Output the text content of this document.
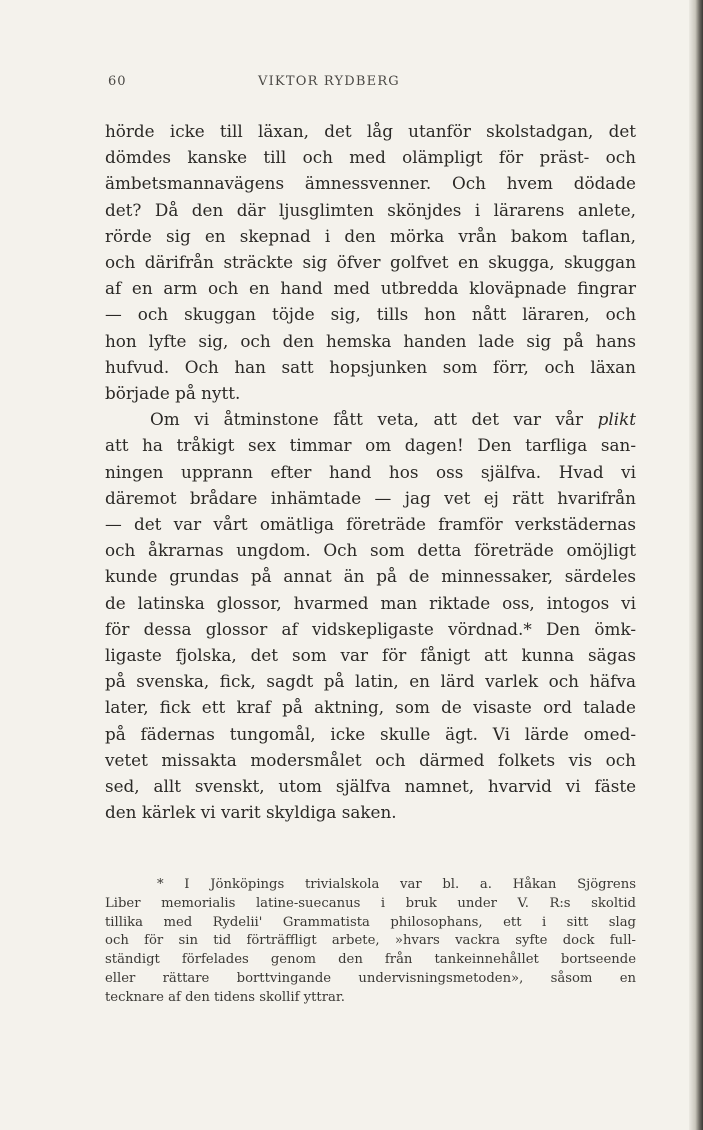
60	VIKTOR RYDBERG
hörde icke till läxan, det låg utanför skolstadgan, det
dömdes kanske till och med olämpligt för präst- och
ämbetsmannavägens ämnessvenner. Och hvem dödade
det? Då den där ljusglimten skönjdes i lärarens anlete,
rörde sig en skepnad i den mörka vrån bakom taflan,
och därifrån sträckte sig öfver golfvet en skugga, skuggan
af en arm och en hand med utbredda kloväpnade fingrar
— och skuggan töjde sig, tills hon nått läraren, och
hon lyfte sig, och den hemska handen lade sig på hans
hufvud. Och han satt hopsjunken som förr, och läxan
började på nytt.
Om vi åtminstone fått veta, att det var vår plikt
att ha tråkigt sex timmar om dagen! Den tarfliga san-
ningen upprann efter hand hos oss själfva. Hvad vi
däremot brådare inhämtade — jag vet ej rätt hvarifrån
— det var vårt omätliga företräde framför verkstädernas
och åkrarnas ungdom. Och som detta företräde omöjligt
kunde grundas på annat än på de minnessaker, särdeles
de latinska glossor, hvarmed man riktade oss, intogos vi
för dessa glossor af vidskepligaste vördnad.* Den ömk-
ligaste fjolska, det som var för fånigt att kunna sägas
på svenska, fick, sagdt på latin, en lärd varlek och häfva
later, fick ett kraf på aktning, som de visaste ord talade
på fädernas tungomål, icke skulle ägt. Vi lärde omed-
vetet missakta modersmålet och därmed folkets vis och
sed, allt svenskt, utom själfva namnet, hvarvid vi fäste
den kärlek vi varit skyldiga saken.
* I Jönköpings trivialskola var bl. a. Håkan Sjögrens
Liber memorialis latine-suecanus i bruk under V. R:s skoltid
tillika med Rydelii' Grammatista philosophans, ett i sitt slag
och för sin tid förträffligt arbete, »hvars vackra syfte dock full-
ständigt förfelades genom den från tankeinnehållet bortseende
eller rättare borttvingande undervisningsmetoden», såsom en
tecknare af den tidens skollif yttrar.
